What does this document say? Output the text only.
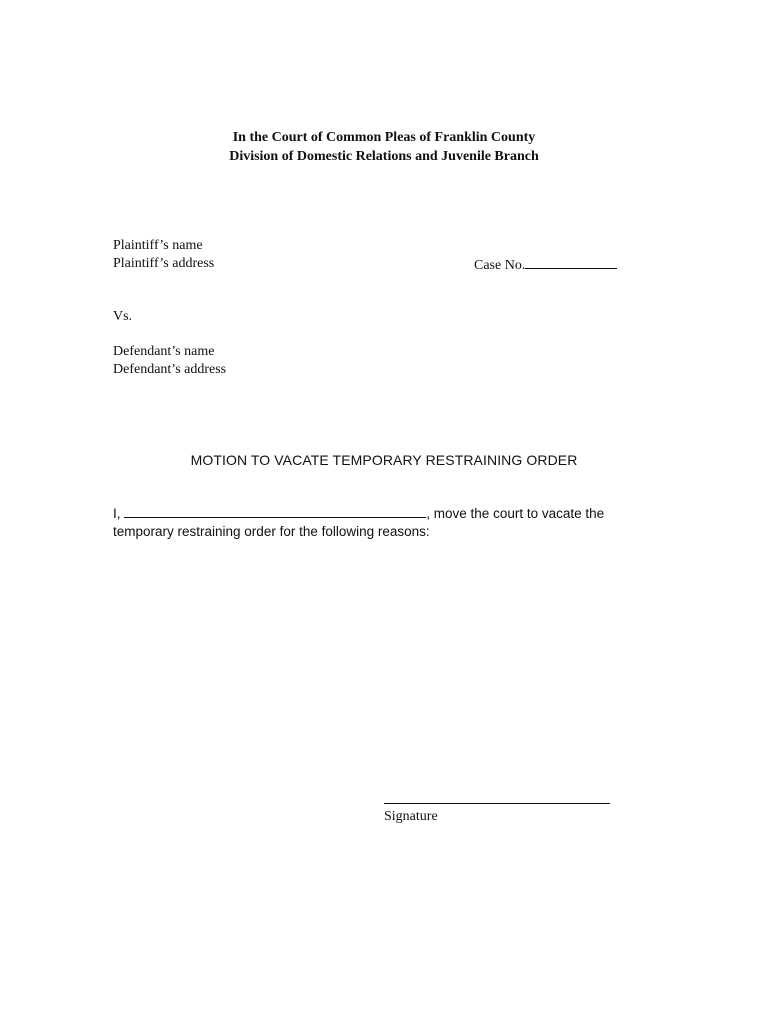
In the Court of Common Pleas of Franklin County
Division of Domestic Relations and Juvenile Branch
Plaintiff’s name
Plaintiff’s address	Case No.
Vs.
Defendant’s name
Defendant’s address
MOTION TO VACATE TEMPORARY RESTRAINING ORDER
I,	, move the court to vacate the
temporary restraining order for the following reasons:
Signature
